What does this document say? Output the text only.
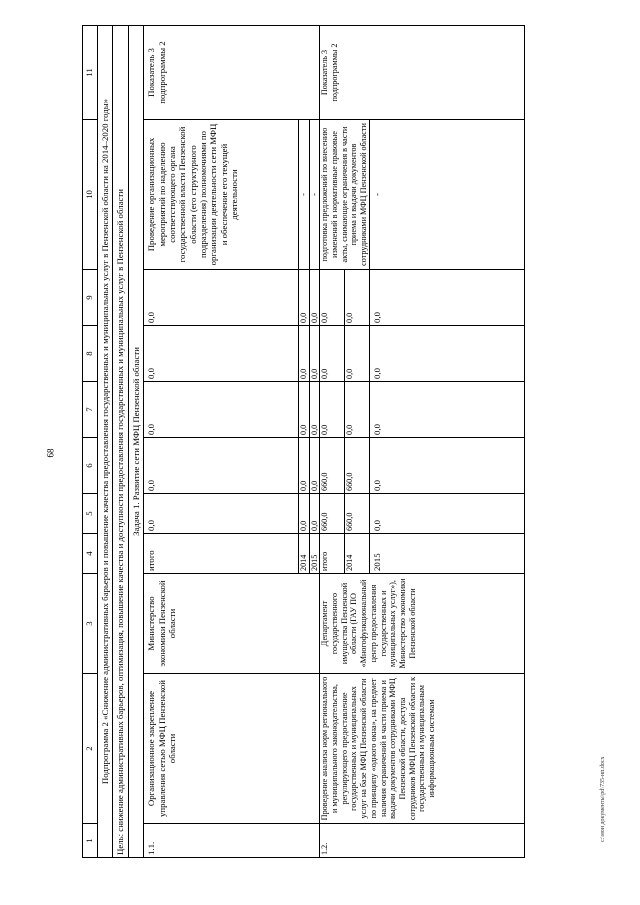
68
1	2	3	4	5	6	7	8	9	10	11
Подпрограмма 2 «Снижение административных барьеров и повышение качества предоставления государственных и муниципальных услуг в Пензенской области на 2014–2020 годы»										
Цель: снижение административных барьеров, оптимизация, повышение качества и доступности предоставления государственных и муниципальных услуг в Пензенской области										
Задача 1. Развитие сети МФЦ Пензенской области										
1.1.	Организационное закрепление управления сетью МФЦ Пензенской области	Министерство экономики Пензенской области	итого	0,0	0,0	0,0	0,0	0,0	Проведение организационных мероприятий по наделению соответствующего органа государственной власти Пензенской области (его структурного подразделения) полномочиями по организации деятельности сети МФЦ и обеспечение его текущей деятельности	Показатель 3 подпрограммы 2
			2014	0,0	0,0	0,0	0,0	0,0	-	
			2015	0,0	0,0	0,0	0,0	0,0	-	
1.2.	Проведение анализа норм регионального и муниципального законодательства, регулирующего предоставление государственных и муниципальных услуг на базе МФЦ Пензенской области по принципу «одного окна», на предмет наличия ограничений в части приема и выдачи документов сотрудниками МФЦ Пензенской области, доступа сотрудников МФЦ Пензенской области к государственным и муниципальным информационным системам	Департамент государственного имущества Пензенской области (ГАУ ПО «Многофункциональный центр предоставления государственных и муниципальных услуг»), Министерство экономики Пензенской области	итого	660,0	660,0	0,0	0,0	0,0	подготовка предложений по внесению изменений в нормативные правовые акты, снимающие ограничения в части приема и выдачи документов сотрудниками МФЦ Пензенской области	Показатель 3 подпрограммы 2
			2014	660,0	660,0	0,0	0,0	0,0		
			2015	0,0	0,0	0,0	0,0	0,0	-	
c:\мои документы\pd\735-нп.docx
